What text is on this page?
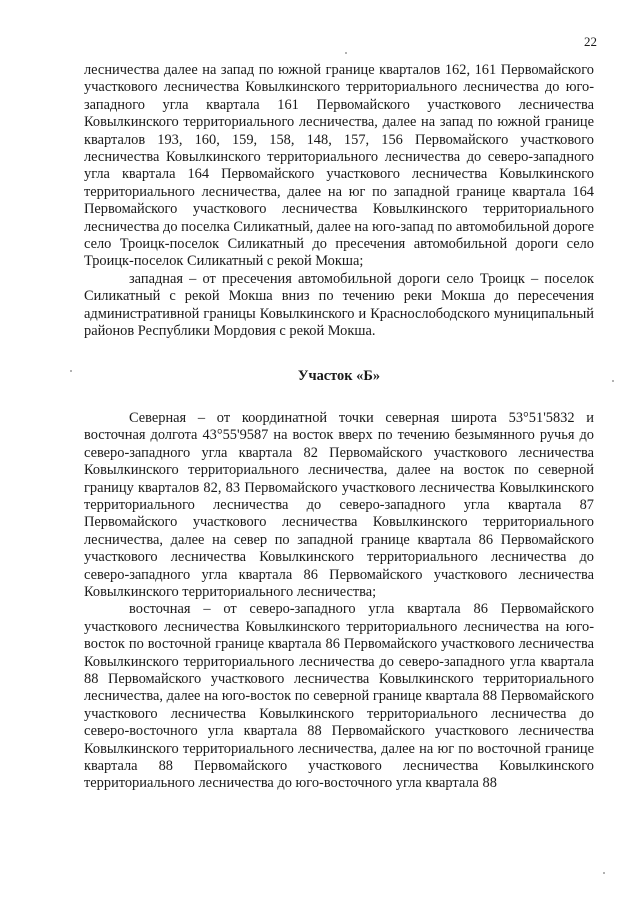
22

лесничества далее на запад по южной границе кварталов 162, 161 Первомайского участкового лесничества Ковылкинского территориального лесничества до юго-западного угла квартала 161 Первомайского участкового лесничества Ковылкинского территориального лесничества, далее на запад по южной границе кварталов 193, 160, 159, 158, 148, 157, 156 Первомайского участкового лесничества Ковылкинского территориального лесничества до северо-западного угла квартала 164 Первомайского участкового лесничества Ковылкинского территориального лесничества, далее на юг по западной границе квартала 164 Первомайского участкового лесничества Ковылкинского территориального лесничества до поселка Силикатный, далее на юго-запад по автомобильной дороге село Троицк-поселок Силикатный до пресечения автомобильной дороги село Троицк-поселок Силикатный с рекой Мокша;

западная – от пресечения автомобильной дороги село Троицк – поселок Силикатный с рекой Мокша вниз по течению реки Мокша до пересечения административной границы Ковылкинского и Краснослободского муниципальный районов Республики Мордовия с рекой Мокша.

Участок «Б»

Северная – от координатной точки северная широта 53°51'5832 и восточная долгота 43°55'9587 на восток вверх по течению безымянного ручья до северо-западного угла квартала 82 Первомайского участкового лесничества Ковылкинского территориального лесничества, далее на восток по северной границу кварталов 82, 83 Первомайского участкового лесничества Ковылкинского территориального лесничества до северо-западного угла квартала 87 Первомайского участкового лесничества Ковылкинского территориального лесничества, далее на север по западной границе квартала 86 Первомайского участкового лесничества Ковылкинского территориального лесничества до северо-западного угла квартала 86 Первомайского участкового лесничества Ковылкинского территориального лесничества;

восточная – от северо-западного угла квартала 86 Первомайского участкового лесничества Ковылкинского территориального лесничества на юго-восток по восточной границе квартала 86 Первомайского участкового лесничества Ковылкинского территориального лесничества до северо-западного угла квартала 88 Первомайского участкового лесничества Ковылкинского территориального лесничества, далее на юго-восток по северной границе квартала 88 Первомайского участкового лесничества Ковылкинского территориального лесничества до северо-восточного угла квартала 88 Первомайского участкового лесничества Ковылкинского территориального лесничества, далее на юг по восточной границе квартала 88 Первомайского участкового лесничества Ковылкинского территориального лесничества до юго-восточного угла квартала 88
